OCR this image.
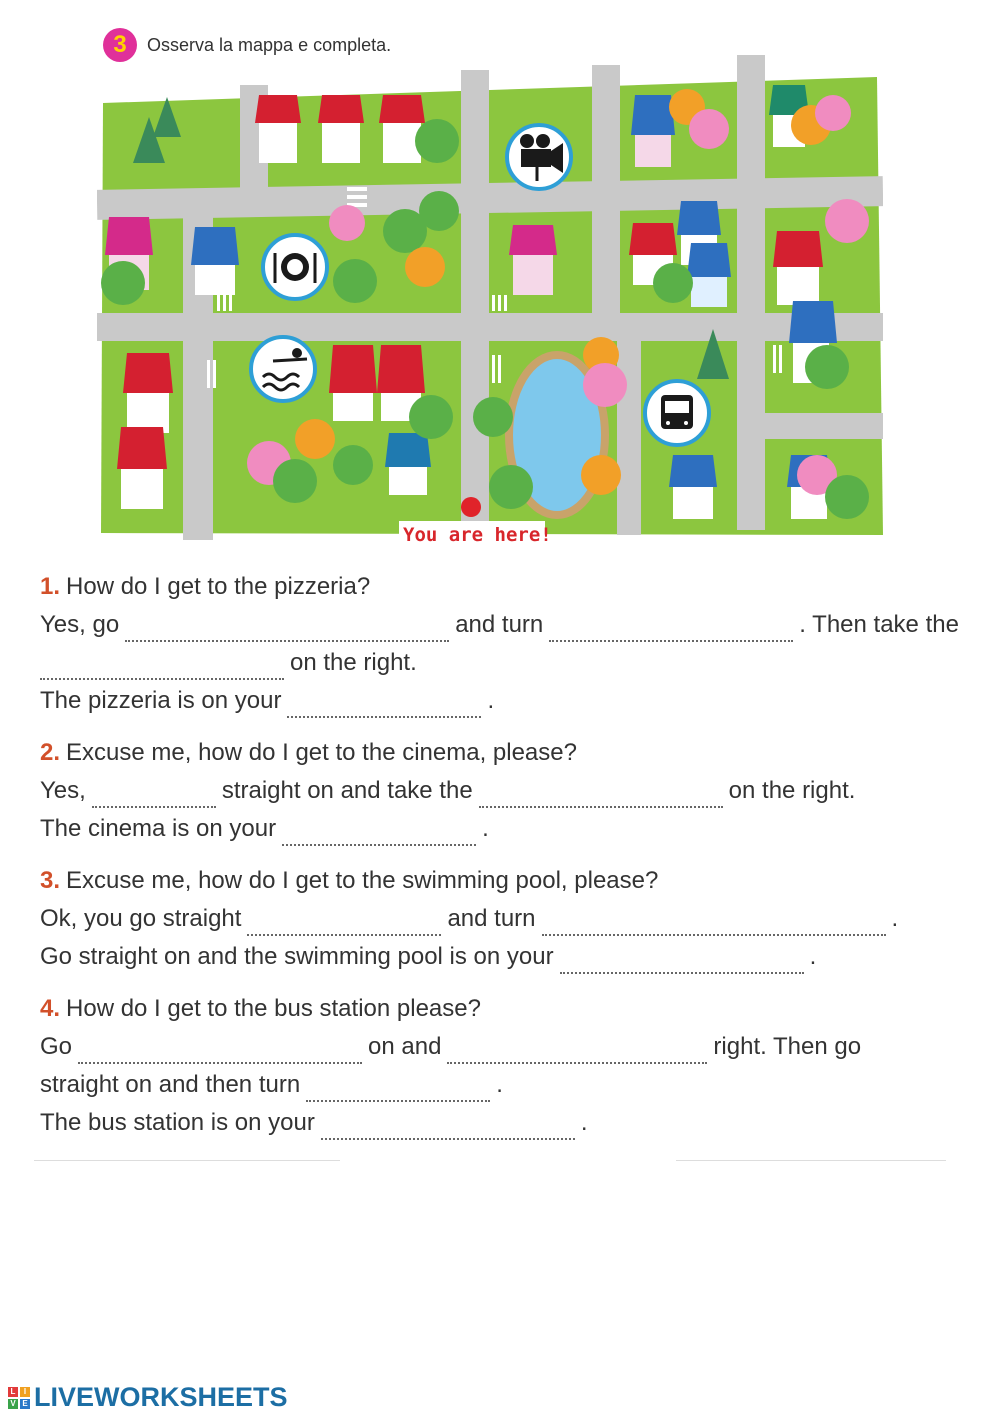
3	Osserva la mappa e completa.
You are here!
1. How do I get to the pizzeria?
Yes, go	and turn	. Then take the
on the right.
The pizzeria is on your	.
2. Excuse me, how do I get to the cinema, please?
Yes,	straight on and take the	on the right.
The cinema is on your	.
3. Excuse me, how do I get to the swimming pool, please?
Ok, you go straight	and turn	.
Go straight on and the swimming pool is on your	.
4. How do I get to the bus station please?
Go	on and	right. Then go
straight on and then turn	.
The bus station is on your	.
L	I
V E LIVEWORKSHEETS
